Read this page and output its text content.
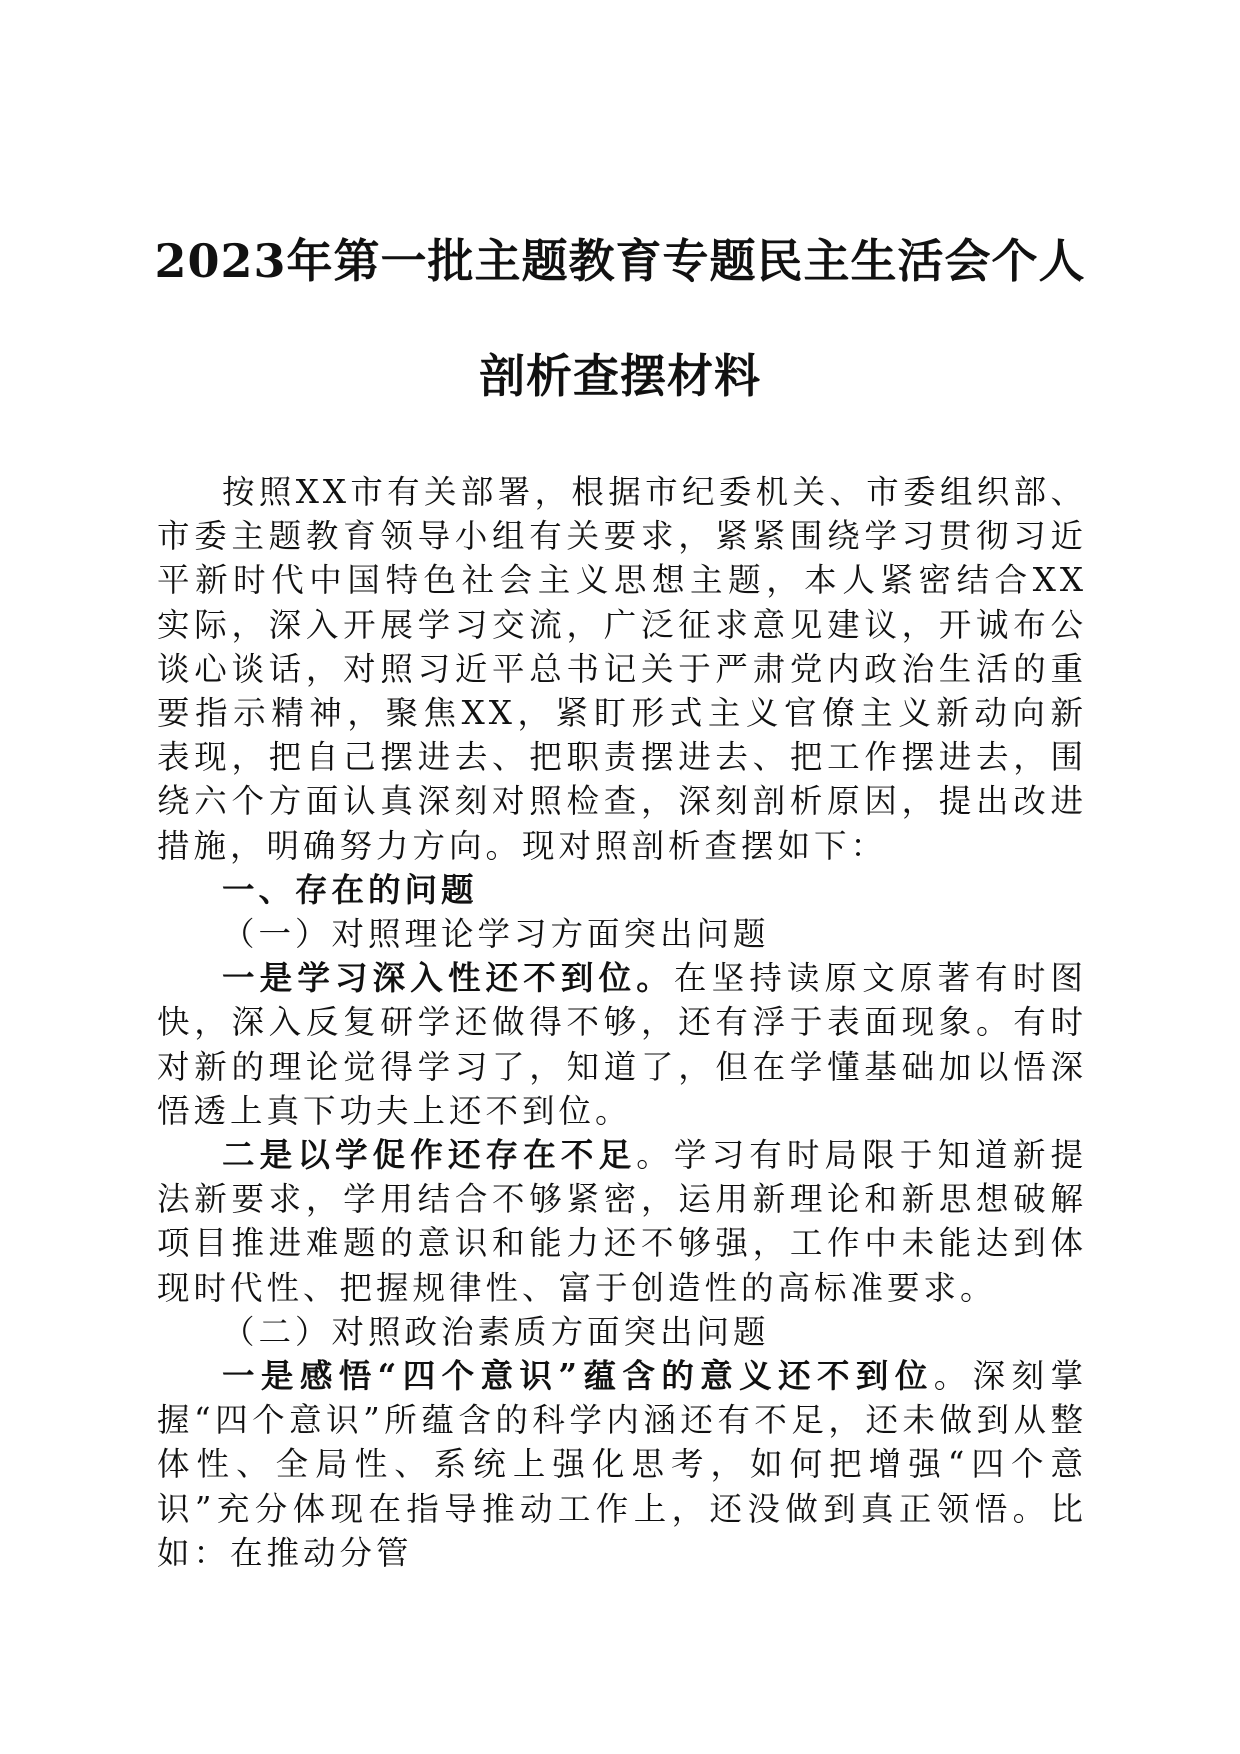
2023年第一批主题教育专题民主生活会个人
剖析查摆材料

按照XX市有关部署，根据市纪委机关、市委组织部、市委主题教育领导小组有关要求，紧紧围绕学习贯彻习近平新时代中国特色社会主义思想主题，本人紧密结合XX实际，深入开展学习交流，广泛征求意见建议，开诚布公谈心谈话，对照习近平总书记关于严肃党内政治生活的重要指示精神，聚焦XX，紧盯形式主义官僚主义新动向新表现，把自己摆进去、把职责摆进去、把工作摆进去，围绕六个方面认真深刻对照检查，深刻剖析原因，提出改进措施，明确努力方向。现对照剖析查摆如下：

一、存在的问题

（一）对照理论学习方面突出问题

一是学习深入性还不到位。在坚持读原文原著有时图快，深入反复研学还做得不够，还有浮于表面现象。有时对新的理论觉得学习了，知道了，但在学懂基础加以悟深悟透上真下功夫上还不到位。

二是以学促作还存在不足。学习有时局限于知道新提法新要求，学用结合不够紧密，运用新理论和新思想破解项目推进难题的意识和能力还不够强，工作中未能达到体现时代性、把握规律性、富于创造性的高标准要求。

（二）对照政治素质方面突出问题

一是感悟“四个意识”蕴含的意义还不到位。深刻掌握“四个意识”所蕴含的科学内涵还有不足，还未做到从整体性、全局性、系统上强化思考，如何把增强“四个意识”充分体现在指导推动工作上，还没做到真正领悟。比如：在推动分管
